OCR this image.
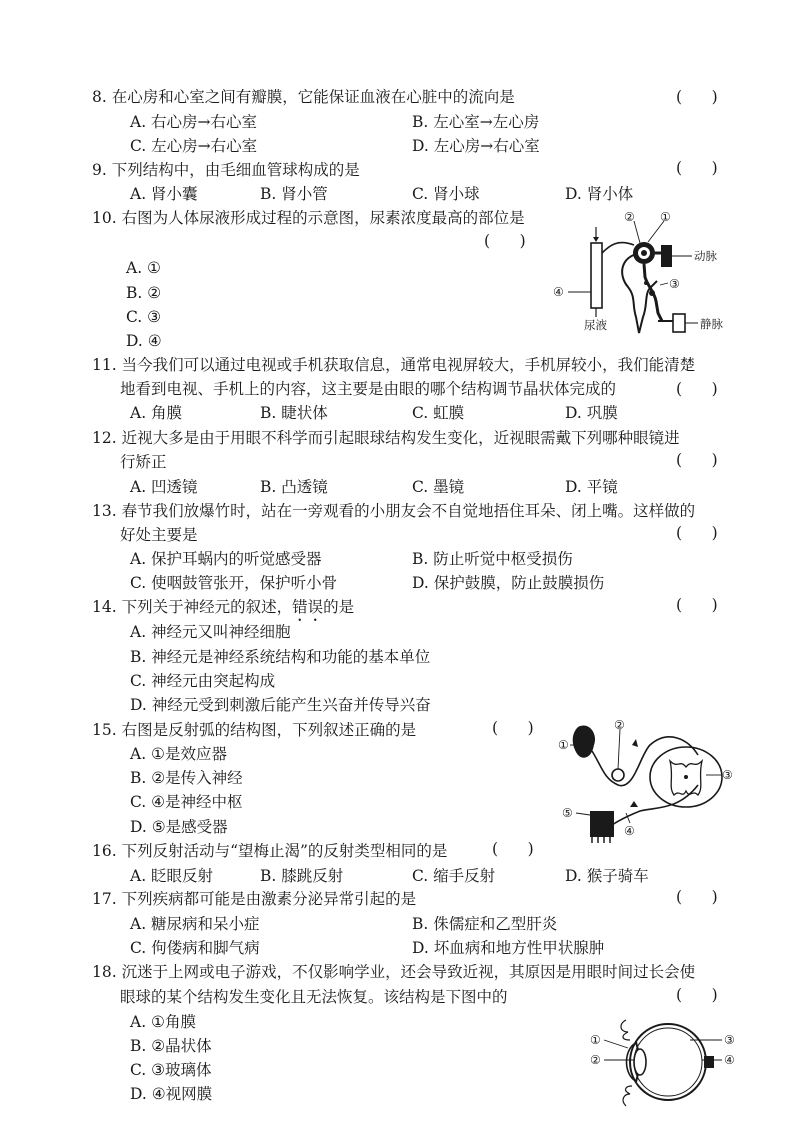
8. 在心房和心室之间有瓣膜，它能保证血液在心脏中的流向是	(      )
A. 右心房→右心室	B. 左心室→左心房
C. 左心房→右心室	D. 左心房→右心室
9. 下列结构中，由毛细血管球构成的是	(      )
A. 肾小囊	B. 肾小管	C. 肾小球	D. 肾小体
10. 右图为人体尿液形成过程的示意图，尿素浓度最高的部位是
(      )
A. ①
B. ②
C. ③
D. ④
② ①
动脉
③
④
尿液	静脉
11. 当今我们可以通过电视或手机获取信息，通常电视屏较大，手机屏较小，我们能清楚
地看到电视、手机上的内容，这主要是由眼的哪个结构调节晶状体完成的	(      )
A. 角膜	B. 睫状体	C. 虹膜	D. 巩膜
12. 近视大多是由于用眼不科学而引起眼球结构发生变化，近视眼需戴下列哪种眼镜进
行矫正	(      )
A. 凹透镜	B. 凸透镜	C. 墨镜	D. 平镜
13. 春节我们放爆竹时，站在一旁观看的小朋友会不自觉地捂住耳朵、闭上嘴。这样做的
好处主要是	(      )
A. 保护耳蜗内的听觉感受器	B. 防止听觉中枢受损伤
C. 使咽鼓管张开，保护听小骨	D. 保护鼓膜，防止鼓膜损伤
14. 下列关于神经元的叙述，错误的是	(      )
A. 神经元又叫神经细胞
B. 神经元是神经系统结构和功能的基本单位
C. 神经元由突起构成
D. 神经元受到刺激后能产生兴奋并传导兴奋
15. 右图是反射弧的结构图，下列叙述正确的是	(      )
A. ①是效应器
B. ②是传入神经
C. ④是神经中枢
D. ⑤是感受器
①
②
③
④
⑤
16. 下列反射活动与“望梅止渴”的反射类型相同的是	(      )
A. 眨眼反射	B. 膝跳反射	C. 缩手反射	D. 猴子骑车
17. 下列疾病都可能是由激素分泌异常引起的是	(      )
A. 糖尿病和呆小症	B. 侏儒症和乙型肝炎
C. 佝偻病和脚气病	D. 坏血病和地方性甲状腺肿
18. 沉迷于上网或电子游戏，不仅影响学业，还会导致近视，其原因是用眼时间过长会使
眼球的某个结构发生变化且无法恢复。该结构是下图中的	(      )
A. ①角膜
B. ②晶状体
C. ③玻璃体
D. ④视网膜
①
②
③
④
